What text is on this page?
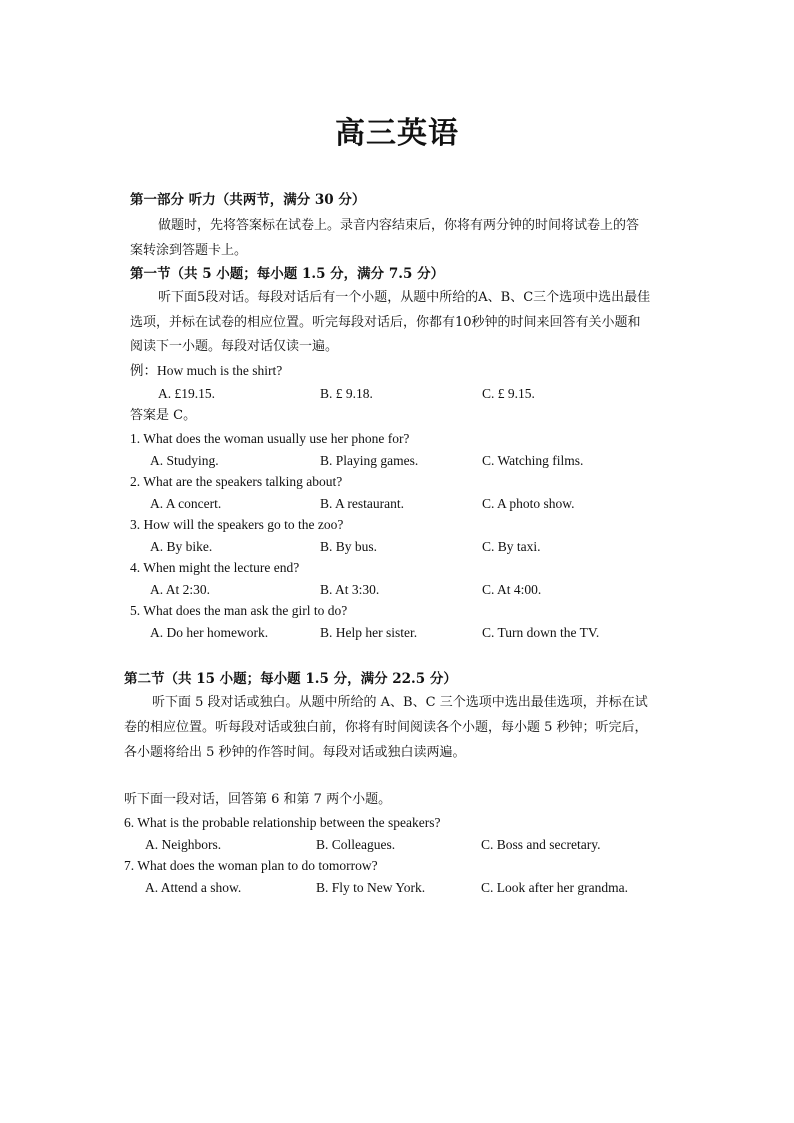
高三英语
第一部分 听力（共两节，满分 30 分）
做题时，先将答案标在试卷上。录音内容结束后，你将有两分钟的时间将试卷上的答
案转涂到答题卡上。
第一节（共 5 小题；每小题 1.5 分，满分 7.5 分）
听下面5段对话。每段对话后有一个小题，从题中所给的A、B、C三个选项中选出最佳
选项，并标在试卷的相应位置。听完每段对话后，你都有10秒钟的时间来回答有关小题和
阅读下一小题。每段对话仅读一遍。
例：How much is the shirt?
A. £19.15.	B. £ 9.18.	C. £ 9.15.
答案是 C。
1. What does the woman usually use her phone for?
A. Studying.	B. Playing games.	C. Watching films.
2. What are the speakers talking about?
A. A concert.	B. A restaurant.	C. A photo show.
3. How will the speakers go to the zoo?
A. By bike.	B. By bus.	C. By taxi.
4. When might the lecture end?
A. At 2:30.	B. At 3:30.	C. At 4:00.
5. What does the man ask the girl to do?
A. Do her homework.	B. Help her sister.	C. Turn down the TV.
第二节（共 15 小题；每小题 1.5 分，满分 22.5 分）
听下面 5 段对话或独白。从题中所给的 A、B、C 三个选项中选出最佳选项，并标在试
卷的相应位置。听每段对话或独白前，你将有时间阅读各个小题，每小题 5 秒钟；听完后，
各小题将给出 5 秒钟的作答时间。每段对话或独白读两遍。
听下面一段对话，回答第 6 和第 7 两个小题。
6. What is the probable relationship between the speakers?
A. Neighbors.	B. Colleagues.	C. Boss and secretary.
7. What does the woman plan to do tomorrow?
A. Attend a show.	B. Fly to New York.	C. Look after her grandma.
